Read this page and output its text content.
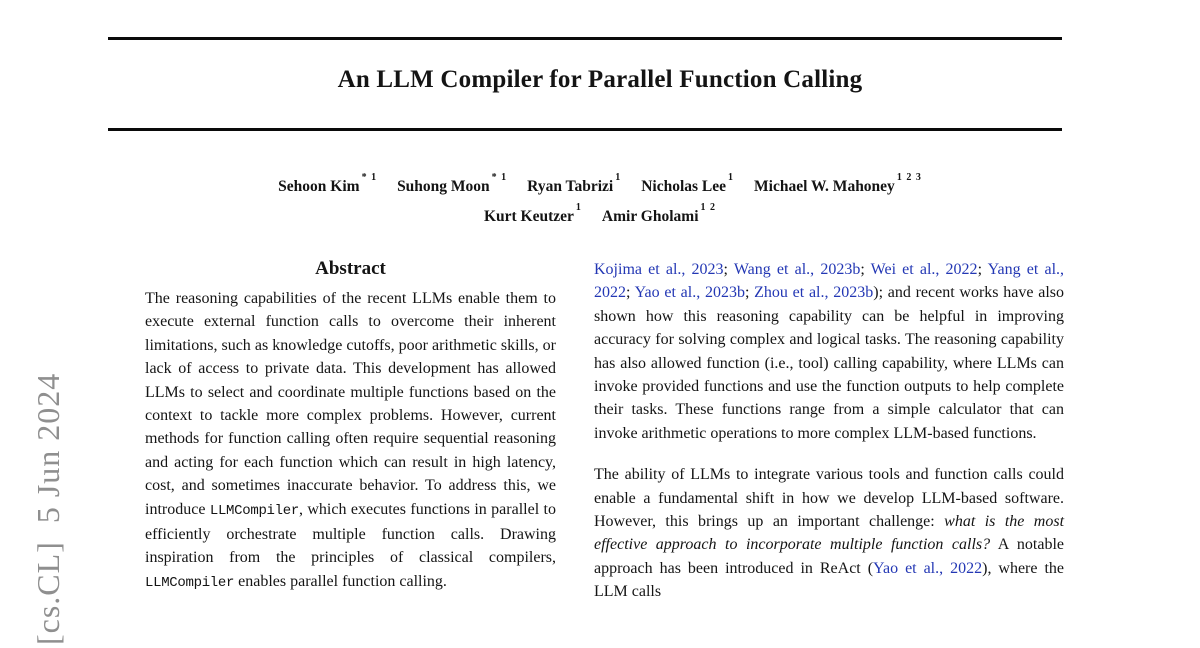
An LLM Compiler for Parallel Function Calling
Sehoon Kim$^{* 1}$Suhong Moon$^{* 1}$Ryan Tabrizi$^1$Nicholas Lee$^1$Michael W. Mahoney$^{1 2 3}$
Kurt Keutzer$^1$Amir Gholami$^{1 2}$
Abstract
The reasoning capabilities of the recent LLMs enable them to execute external function calls to overcome their inherent limitations, such as knowledge cutoffs, poor arithmetic skills, or lack of access to private data. This development has allowed LLMs to select and coordinate multiple functions based on the context to tackle more complex problems. However, current methods for function calling often require sequential reasoning and acting for each function which can result in high latency, cost, and sometimes inaccurate behavior. To address this, we introduce LLMCompiler, which executes functions in parallel to efficiently orchestrate multiple function calls. Drawing inspiration from the principles of classical compilers, LLMCompiler enables parallel function calling.
Kojima et al., 2023; Wang et al., 2023b; Wei et al., 2022; Yang et al., 2022; Yao et al., 2023b; Zhou et al., 2023b); and recent works have also shown how this reasoning capability can be helpful in improving accuracy for solving complex and logical tasks. The reasoning capability has also allowed function (i.e., tool) calling capability, where LLMs can invoke provided functions and use the function outputs to help complete their tasks. These functions range from a simple calculator that can invoke arithmetic operations to more complex LLM-based functions.
The ability of LLMs to integrate various tools and function calls could enable a fundamental shift in how we develop LLM-based software. However, this brings up an important challenge: what is the most effective approach to incorporate multiple function calls? A notable approach has been introduced in ReAct (Yao et al., 2022), where the LLM calls
[cs.CL]  5 Jun 2024
